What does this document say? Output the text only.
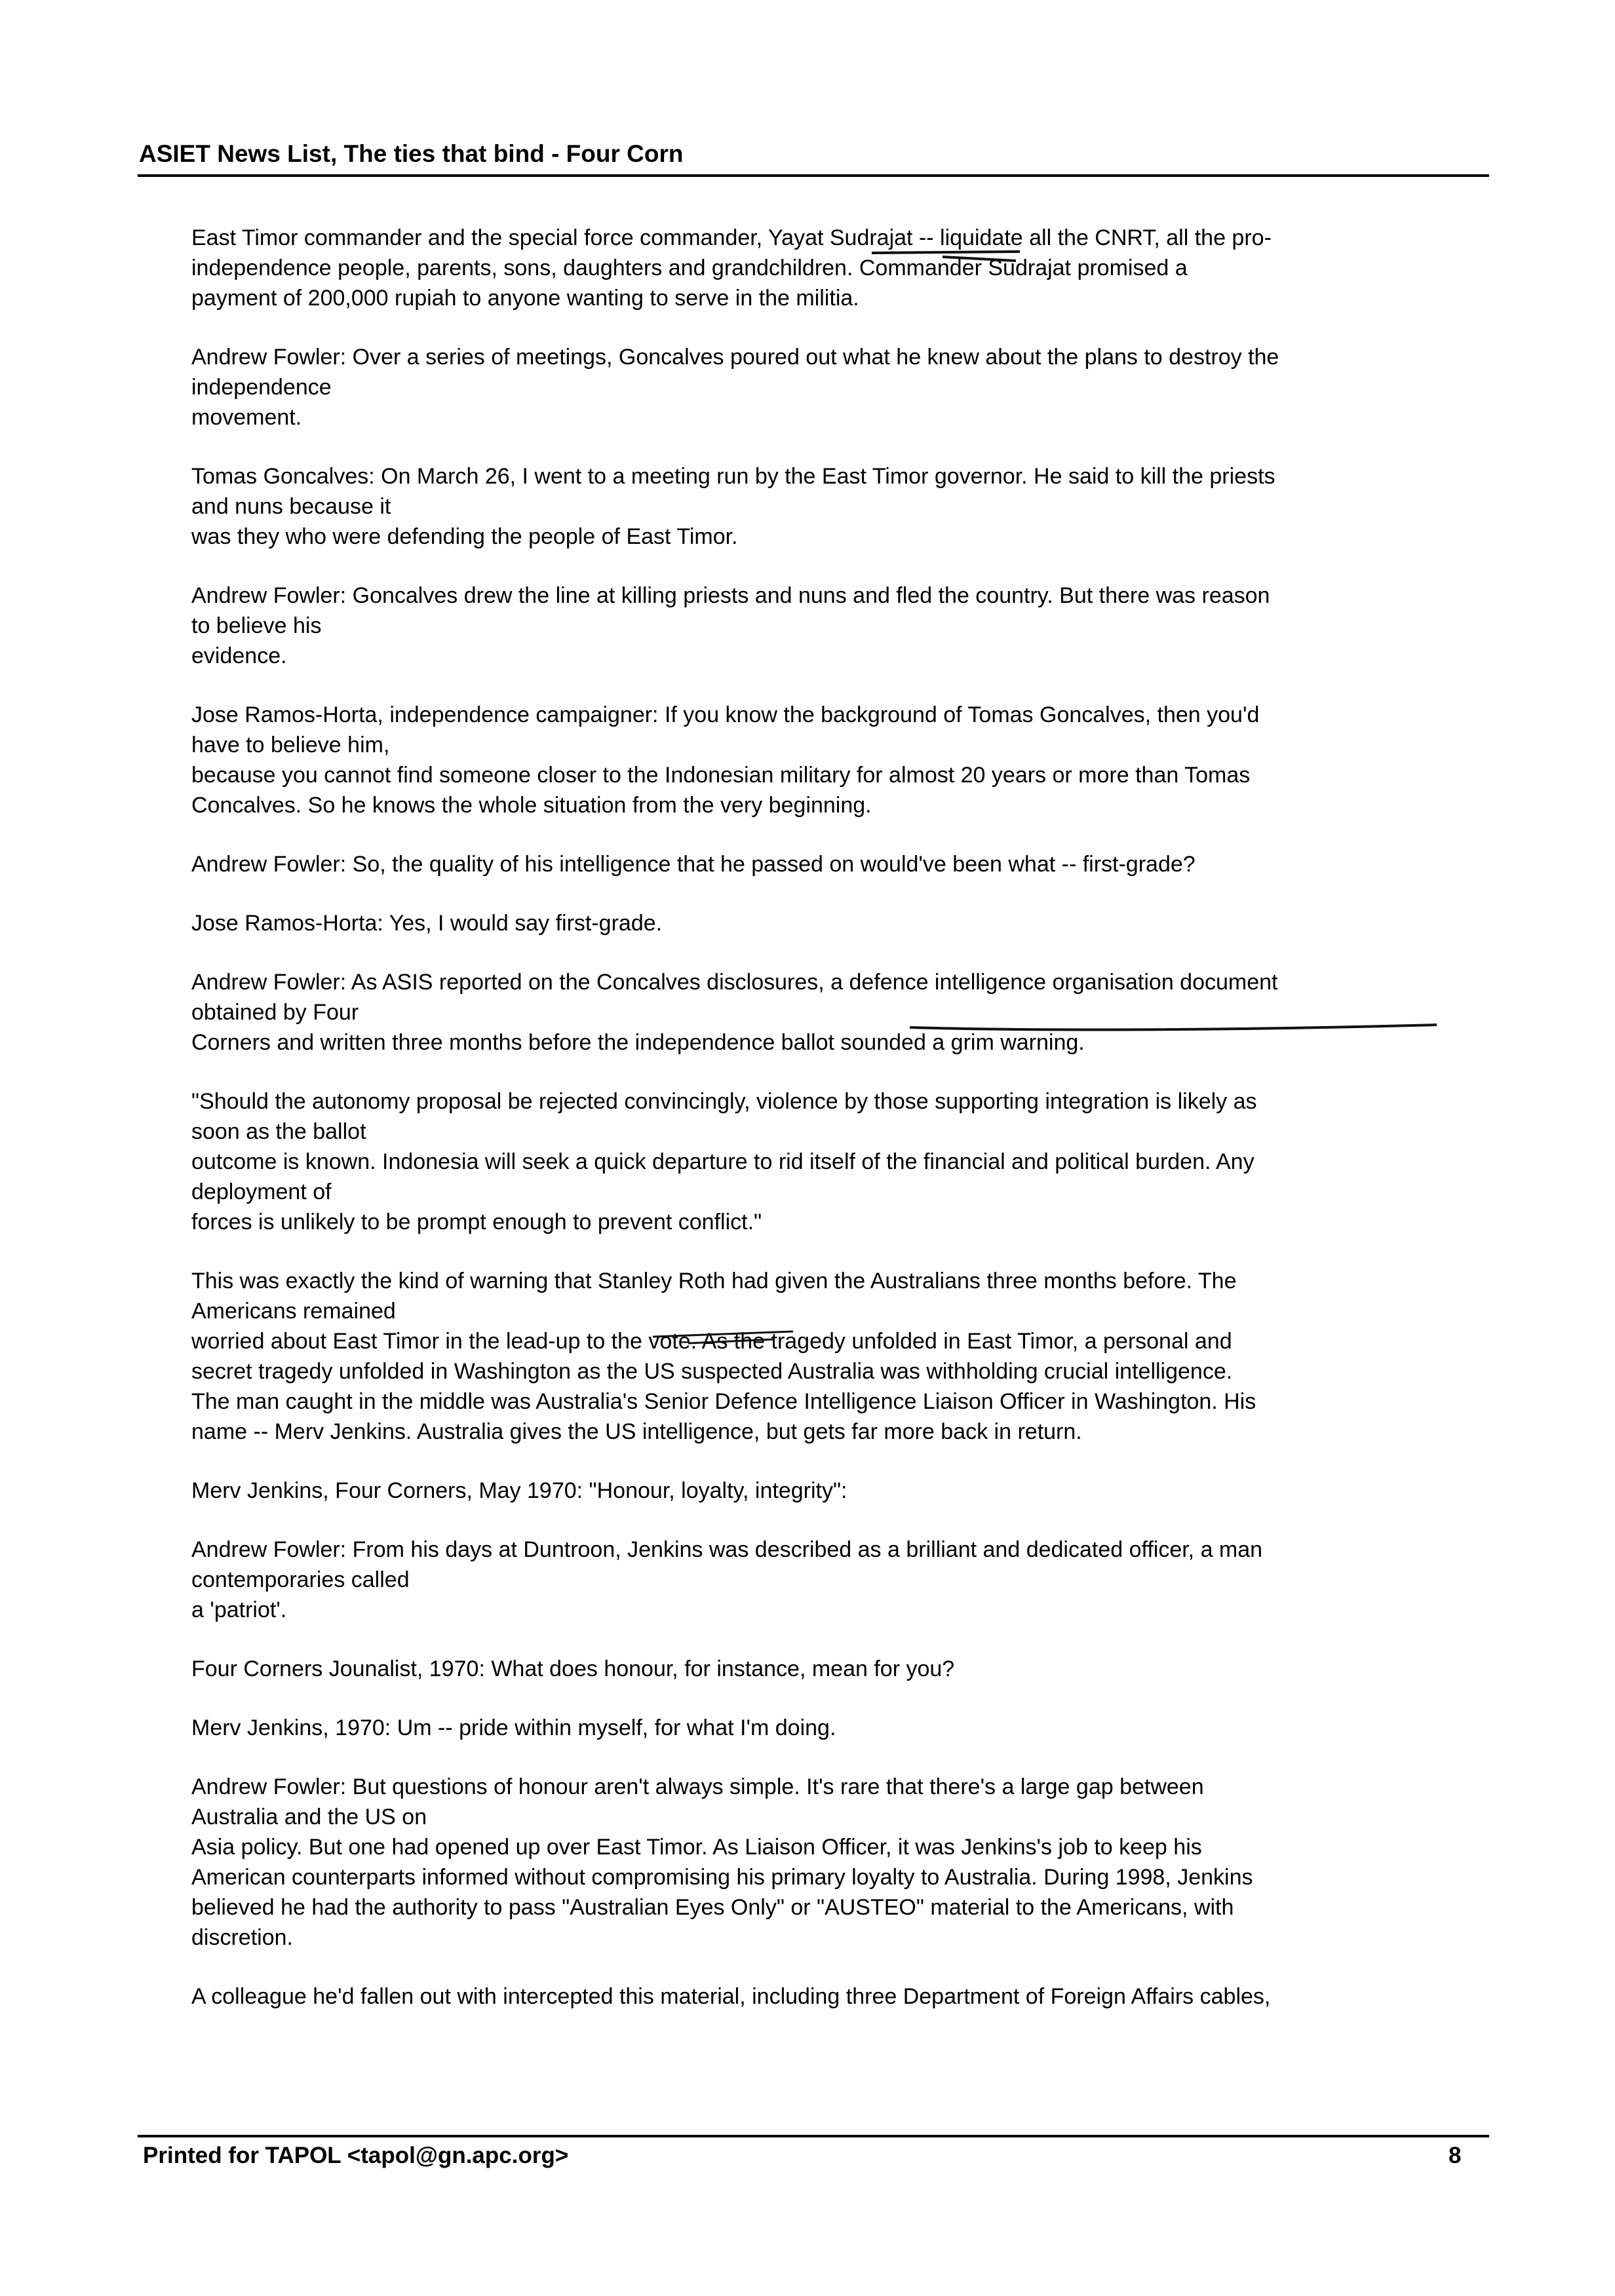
ASIET News List, The ties that bind - Four Corn

East Timor commander and the special force commander, Yayat Sudrajat -- liquidate all the CNRT, all the pro-
independence people, parents, sons, daughters and grandchildren. Commander Sudrajat promised a
payment of 200,000 rupiah to anyone wanting to serve in the militia.

Andrew Fowler: Over a series of meetings, Goncalves poured out what he knew about the plans to destroy the
independence
movement.

Tomas Goncalves: On March 26, I went to a meeting run by the East Timor governor. He said to kill the priests
and nuns because it
was they who were defending the people of East Timor.

Andrew Fowler: Goncalves drew the line at killing priests and nuns and fled the country. But there was reason
to believe his
evidence.

Jose Ramos-Horta, independence campaigner: If you know the background of Tomas Goncalves, then you'd
have to believe him,
because you cannot find someone closer to the Indonesian military for almost 20 years or more than Tomas
Concalves. So he knows the whole situation from the very beginning.

Andrew Fowler: So, the quality of his intelligence that he passed on would've been what -- first-grade?

Jose Ramos-Horta: Yes, I would say first-grade.

Andrew Fowler: As ASIS reported on the Concalves disclosures, a defence intelligence organisation document
obtained by Four
Corners and written three months before the independence ballot sounded a grim warning.

"Should the autonomy proposal be rejected convincingly, violence by those supporting integration is likely as
soon as the ballot
outcome is known. Indonesia will seek a quick departure to rid itself of the financial and political burden. Any
deployment of
forces is unlikely to be prompt enough to prevent conflict."

This was exactly the kind of warning that Stanley Roth had given the Australians three months before. The
Americans remained
worried about East Timor in the lead-up to the vote. As the tragedy unfolded in East Timor, a personal and
secret tragedy unfolded in Washington as the US suspected Australia was withholding crucial intelligence.
The man caught in the middle was Australia's Senior Defence Intelligence Liaison Officer in Washington. His
name -- Merv Jenkins. Australia gives the US intelligence, but gets far more back in return.

Merv Jenkins, Four Corners, May 1970: "Honour, loyalty, integrity":

Andrew Fowler: From his days at Duntroon, Jenkins was described as a brilliant and dedicated officer, a man
contemporaries called
a 'patriot'.

Four Corners Jounalist, 1970: What does honour, for instance, mean for you?

Merv Jenkins, 1970: Um -- pride within myself, for what I'm doing.

Andrew Fowler: But questions of honour aren't always simple. It's rare that there's a large gap between
Australia and the US on
Asia policy. But one had opened up over East Timor. As Liaison Officer, it was Jenkins's job to keep his
American counterparts informed without compromising his primary loyalty to Australia. During 1998, Jenkins
believed he had the authority to pass "Australian Eyes Only" or "AUSTEO" material to the Americans, with
discretion.

A colleague he'd fallen out with intercepted this material, including three Department of Foreign Affairs cables,

Printed for TAPOL <tapol@gn.apc.org>	8
